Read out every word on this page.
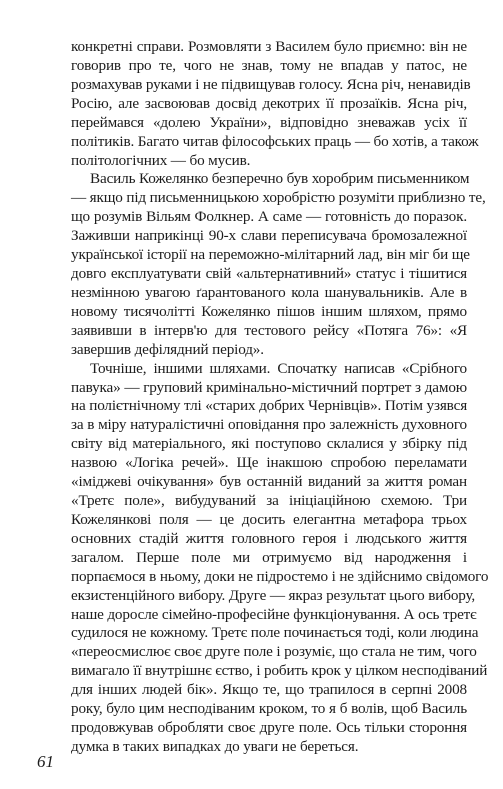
конкретні справи. Розмовляти з Василем було приємно: він не
говорив про те, чого не знав, тому не впадав у патос, не
розмахував руками і не підвищував голосу. Ясна річ, ненавидів
Росію, але засвоював досвід декотрих її прозаїків. Ясна річ,
переймався «долею України», відповідно зневажав усіх її
політиків. Багато читав філософських праць — бо хотів, а також
політологічних — бо мусив.
Василь Кожелянко безперечно був хоробрим письменником
— якщо під письменницькою хоробрістю розуміти приблизно те,
що розумів Вільям Фолкнер. А саме — готовність до поразок.
Заживши наприкінці 90-х слави переписувача бромозалежної
української історії на переможно-мілітарний лад, він міг би ще
довго експлуатувати свій «альтернативний» статус і тішитися
незмінною увагою ґарантованого кола шанувальників. Але в
новому тисячолітті Кожелянко пішов іншим шляхом, прямо
заявивши в інтерв'ю для тестового рейсу «Потяга 76»: «Я
завершив дефілядний період».
Точніше, іншими шляхами. Спочатку написав «Срібного
павука» — груповий кримінально-містичний портрет з дамою
на полієтнічному тлі «старих добрих Чернівців». Потім узявся
за в міру натуралістичні оповідання про залежність духовного
світу від матеріального, які поступово склалися у збірку під
назвою «Логіка речей». Ще інакшою спробою переламати
«імідж​еві очікування» був останній виданий за життя роман
«Третє поле», вибудуваний за ініціаційною схемою. Три
Кожелянкові поля — це досить елегантна метафора трьох
основних стадій життя головного героя і людського життя
загалом. Перше поле ми отримуємо від народження і
порпаємося в ньому, доки не підростемо і не здійснимо свідомого
екзистенційного вибору. Друге — якраз результат цього вибору,
наше доросле сімейно-професійне функціонування. А ось третє
судилося не кожному. Третє поле починається тоді, коли людина
«переосмислює своє друге поле і розуміє, що стала не тим, чого
вимагало її внутрішнє єство, і робить крок у цілком несподіваний
для інших людей бік». Якщо те, що трапилося в серпні 2008
року, було цим несподіваним кроком, то я б волів, щоб Василь
продовжував обробляти своє друге поле. Ось тільки стороння
думка в таких випадках до уваги не береться.
61
